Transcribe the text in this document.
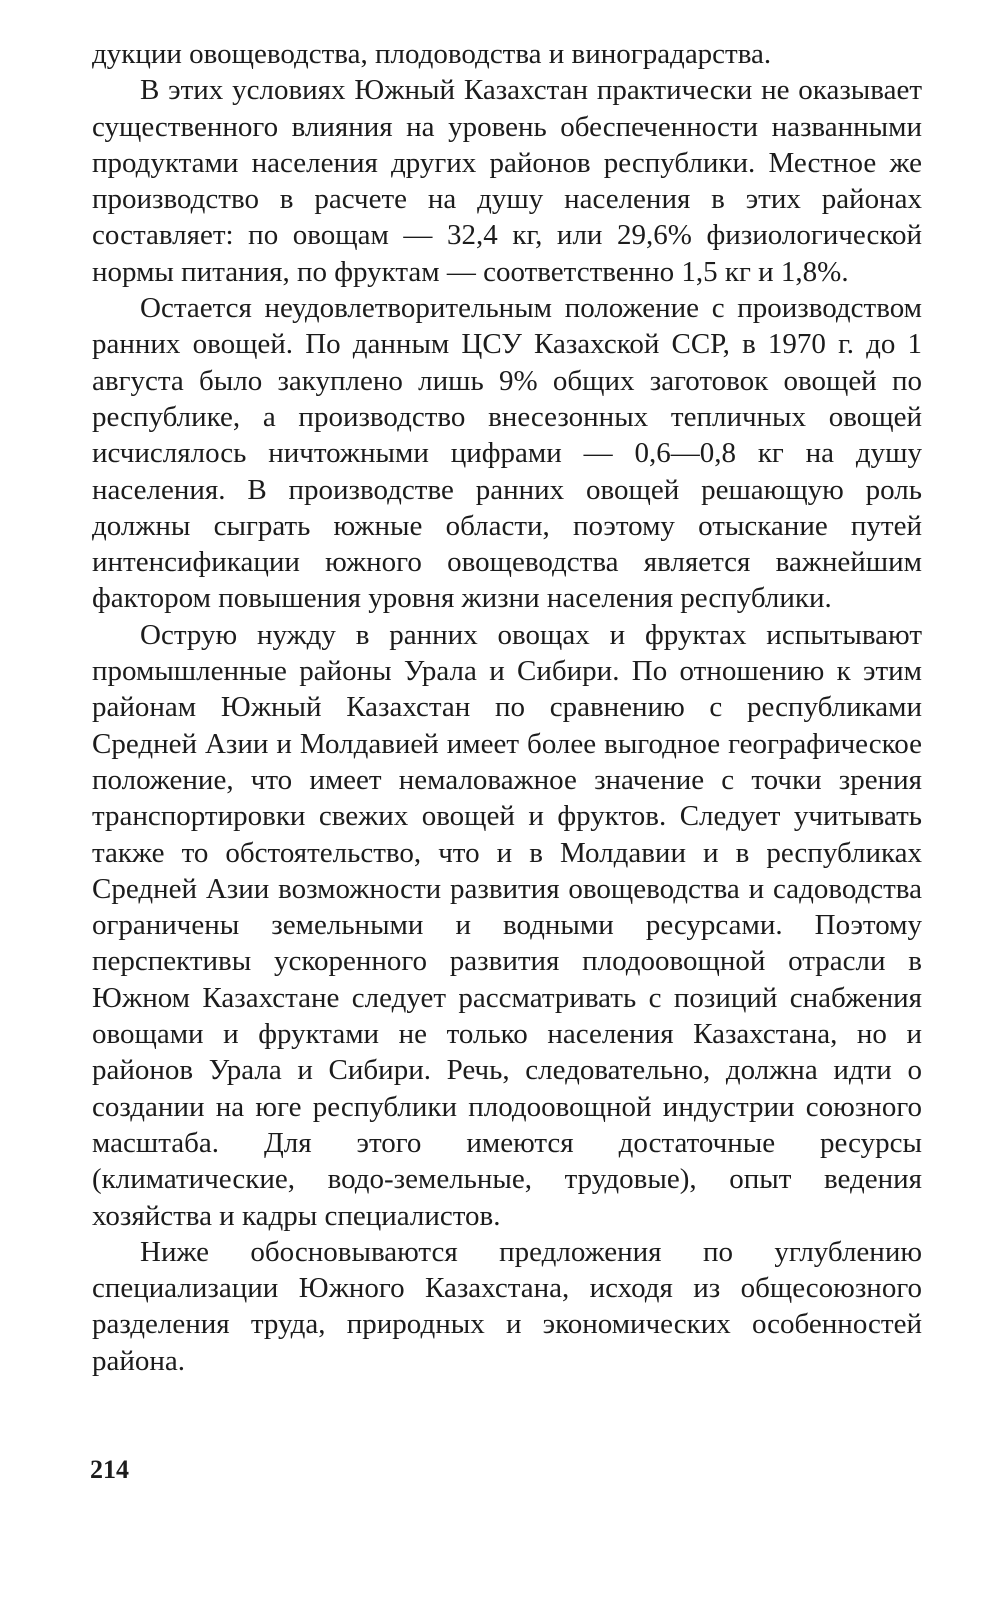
дукции овощеводства, плодоводства и виноградарства.

В этих условиях Южный Казахстан практически не оказывает существенного влияния на уровень обеспеченности названными продуктами населения других районов республики. Местное же производство в расчете на душу населения в этих районах составляет: по овощам — 32,4 кг, или 29,6% физиологической нормы питания, по фруктам — соответственно 1,5 кг и 1,8%.

Остается неудовлетворительным положение с производством ранних овощей. По данным ЦСУ Казахской ССР, в 1970 г. до 1 августа было закуплено лишь 9% общих заготовок овощей по республике, а производство внесезонных тепличных овощей исчислялось ничтожными цифрами — 0,6—0,8 кг на душу населения. В производстве ранних овощей решающую роль должны сыграть южные области, поэтому отыскание путей интенсификации южного овощеводства является важнейшим фактором повышения уровня жизни населения республики.

Острую нужду в ранних овощах и фруктах испытывают промышленные районы Урала и Сибири. По отношению к этим районам Южный Казахстан по сравнению с республиками Средней Азии и Молдавией имеет более выгодное географическое положение, что имеет немаловажное значение с точки зрения транспортировки свежих овощей и фруктов. Следует учитывать также то обстоятельство, что и в Молдавии и в республиках Средней Азии возможности развития овощеводства и садоводства ограничены земельными и водными ресурсами. Поэтому перспективы ускоренного развития плодоовощной отрасли в Южном Казахстане следует рассматривать с позиций снабжения овощами и фруктами не только населения Казахстана, но и районов Урала и Сибири. Речь, следовательно, должна идти о создании на юге республики плодоовощной индустрии союзного масштаба. Для этого имеются достаточные ресурсы (климатические, водо-земельные, трудовые), опыт ведения хозяйства и кадры специалистов.

Ниже обосновываются предложения по углублению специализации Южного Казахстана, исходя из общесоюзного разделения труда, природных и экономических особенностей района.

214
